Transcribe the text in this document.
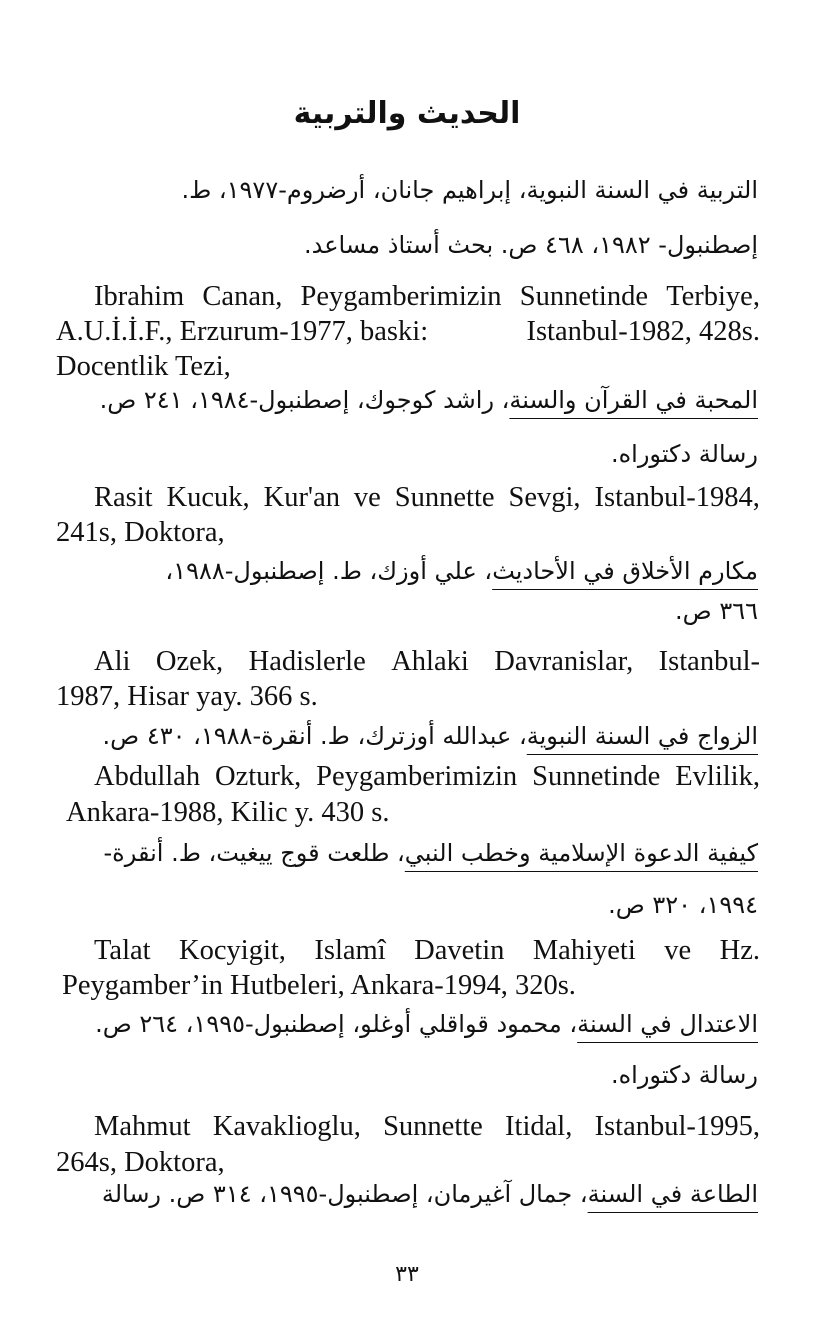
الحديث والتربية
التربية في السنة النبوية، إبراهيم جانان، أرضروم-١٩٧٧، ط.
إصطنبول- ١٩٨٢، ٤٦٨ ص. بحث أستاذ مساعد.
Ibrahim Canan, Peygamberimizin Sunnetinde Terbiye,
A.U.İ.İ.F., Erzurum-1977, baski:	Istanbul-1982, 428s.
Docentlik Tezi,
المحبة في القرآن والسنة، راشد كوجوك، إصطنبول-١٩٨٤، ٢٤١ ص.
رسالة دكتوراه.
Rasit Kucuk, Kur'an ve Sunnette Sevgi, Istanbul-1984,
241s, Doktora,
مكارم الأخلاق في الأحاديث، علي أوزك، ط. إصطنبول-١٩٨٨،
٣٦٦ ص.
Ali Ozek, Hadislerle Ahlaki Davranislar, Istanbul-
1987, Hisar yay. 366 s.
الزواج في السنة النبوية، عبدالله أوزترك، ط. أنقرة-١٩٨٨، ٤٣٠ ص.
Abdullah Ozturk, Peygamberimizin Sunnetinde Evlilik,
Ankara-1988, Kilic y. 430 s.
كيفية الدعوة الإسلامية وخطب النبي، طلعت قوج ييغيت، ط. أنقرة-
١٩٩٤، ٣٢٠ ص.
Talat Kocyigit, Islamî Davetin Mahiyeti ve Hz.
Peygamber’in Hutbeleri, Ankara-1994, 320s.
الاعتدال في السنة، محمود قواقلي أوغلو، إصطنبول-١٩٩٥، ٢٦٤ ص.
رسالة دكتوراه.
Mahmut Kavaklioglu, Sunnette Itidal, Istanbul-1995,
264s, Doktora,
الطاعة في السنة، جمال آغيرمان، إصطنبول-١٩٩٥، ٣١٤ ص. رسالة
٣٣
